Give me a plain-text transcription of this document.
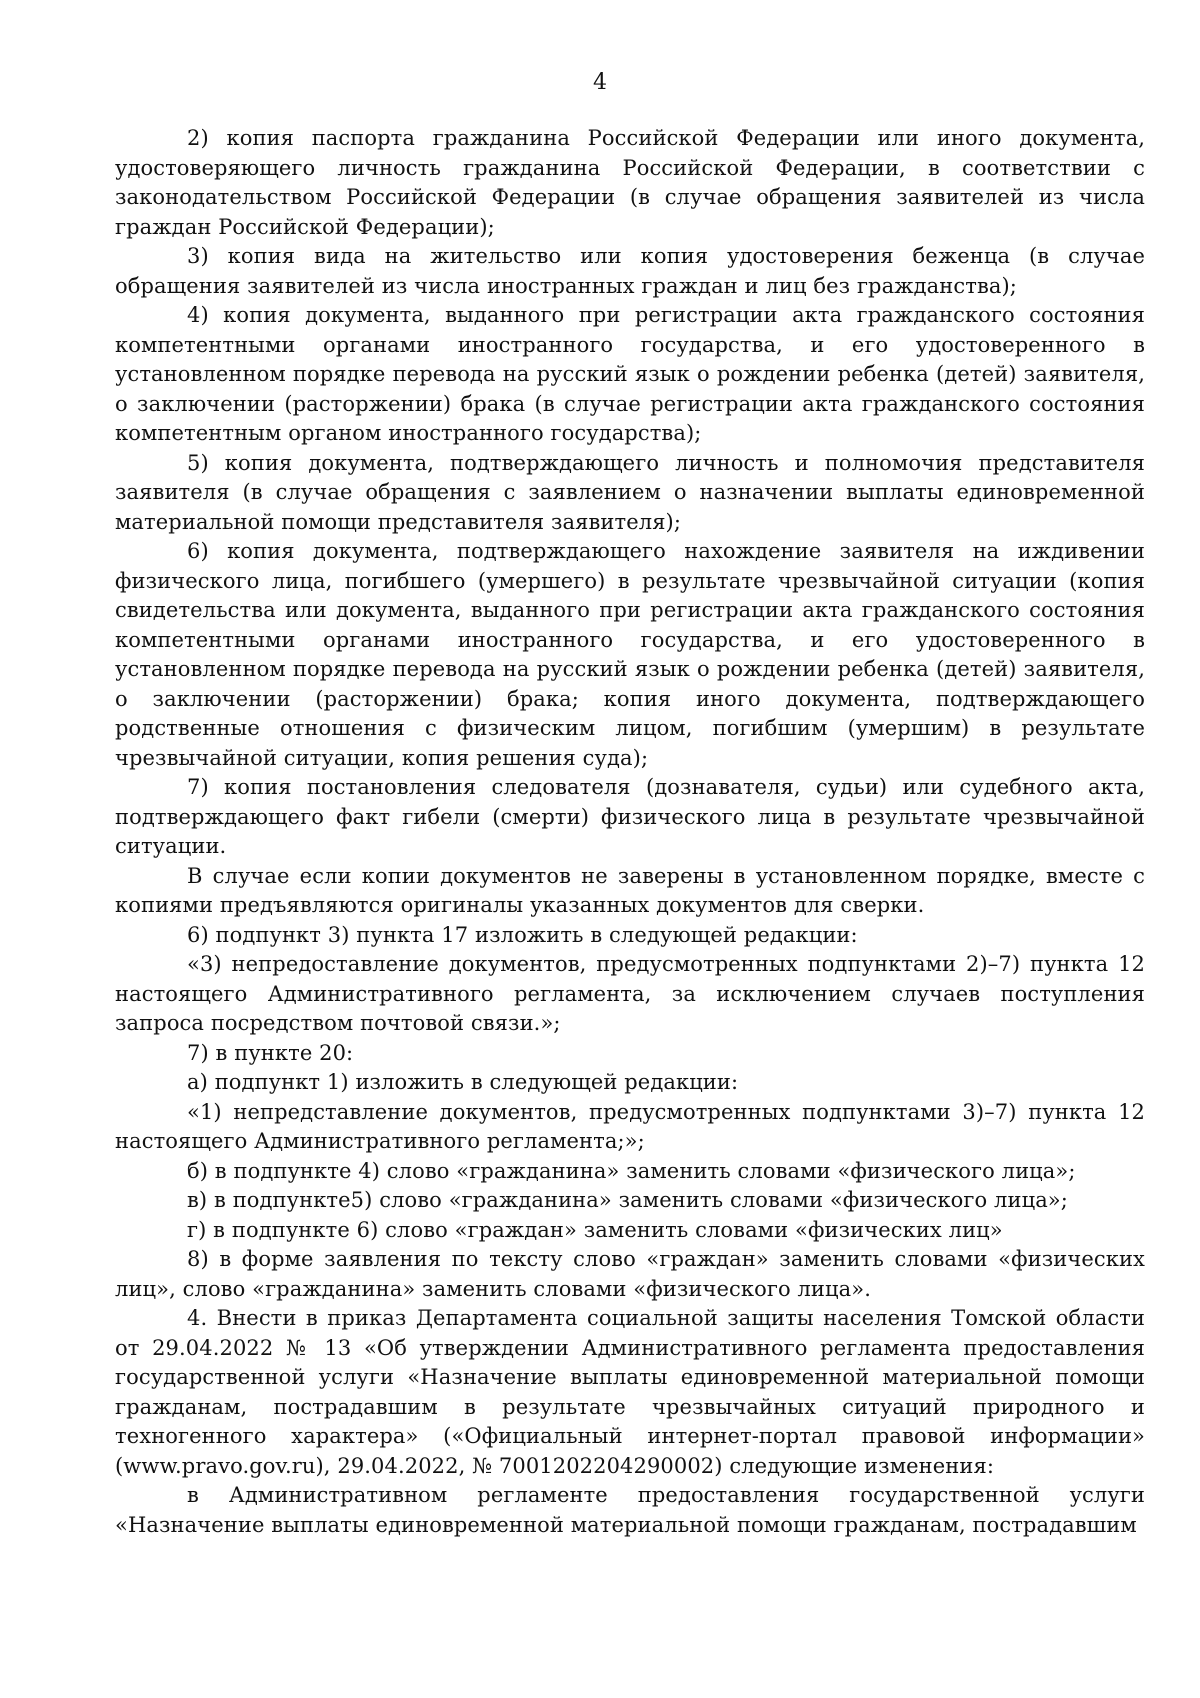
4

2) копия паспорта гражданина Российской Федерации или иного документа, удостоверяющего личность гражданина Российской Федерации, в соответствии с законодательством Российской Федерации (в случае обращения заявителей из числа граждан Российской Федерации);

3) копия вида на жительство или копия удостоверения беженца (в случае обращения заявителей из числа иностранных граждан и лиц без гражданства);

4) копия документа, выданного при регистрации акта гражданского состояния компетентными органами иностранного государства, и его удостоверенного в установленном порядке перевода на русский язык о рождении ребенка (детей) заявителя, о заключении (расторжении) брака (в случае регистрации акта гражданского состояния компетентным органом иностранного государства);

5) копия документа, подтверждающего личность и полномочия представителя заявителя (в случае обращения с заявлением о назначении выплаты единовременной материальной помощи представителя заявителя);

6) копия документа, подтверждающего нахождение заявителя на иждивении физического лица, погибшего (умершего) в результате чрезвычайной ситуации (копия свидетельства или документа, выданного при регистрации акта гражданского состояния компетентными органами иностранного государства, и его удостоверенного в установленном порядке перевода на русский язык о рождении ребенка (детей) заявителя, о заключении (расторжении) брака; копия иного документа, подтверждающего родственные отношения с физическим лицом, погибшим (умершим) в результате чрезвычайной ситуации, копия решения суда);

7) копия постановления следователя (дознавателя, судьи) или судебного акта, подтверждающего факт гибели (смерти) физического лица в результате чрезвычайной ситуации.

В случае если копии документов не заверены в установленном порядке, вместе с копиями предъявляются оригиналы указанных документов для сверки.

6) подпункт 3) пункта 17 изложить в следующей редакции:

«3) непредоставление документов, предусмотренных подпунктами 2)–7) пункта 12 настоящего Административного регламента, за исключением случаев поступления запроса посредством почтовой связи.»;

7) в пункте 20:

а) подпункт 1) изложить в следующей редакции:

«1) непредставление документов, предусмотренных подпунктами 3)–7) пункта 12 настоящего Административного регламента;»;

б) в подпункте 4) слово «гражданина» заменить словами «физического лица»;

в) в подпункте5) слово «гражданина» заменить словами «физического лица»;

г) в подпункте 6) слово «граждан» заменить словами «физических лиц»

8) в форме заявления по тексту слово «граждан» заменить словами «физических лиц», слово «гражданина» заменить словами «физического лица».

4. Внести в приказ Департамента социальной защиты населения Томской области от 29.04.2022 № 13 «Об утверждении Административного регламента предоставления государственной услуги «Назначение выплаты единовременной материальной помощи гражданам, пострадавшим в результате чрезвычайных ситуаций природного и техногенного характера» («Официальный интернет-портал правовой информации» (www.pravo.gov.ru), 29.04.2022, № 7001202204290002) следующие изменения:

в Административном регламенте предоставления государственной услуги «Назначение выплаты единовременной материальной помощи гражданам, пострадавшим
